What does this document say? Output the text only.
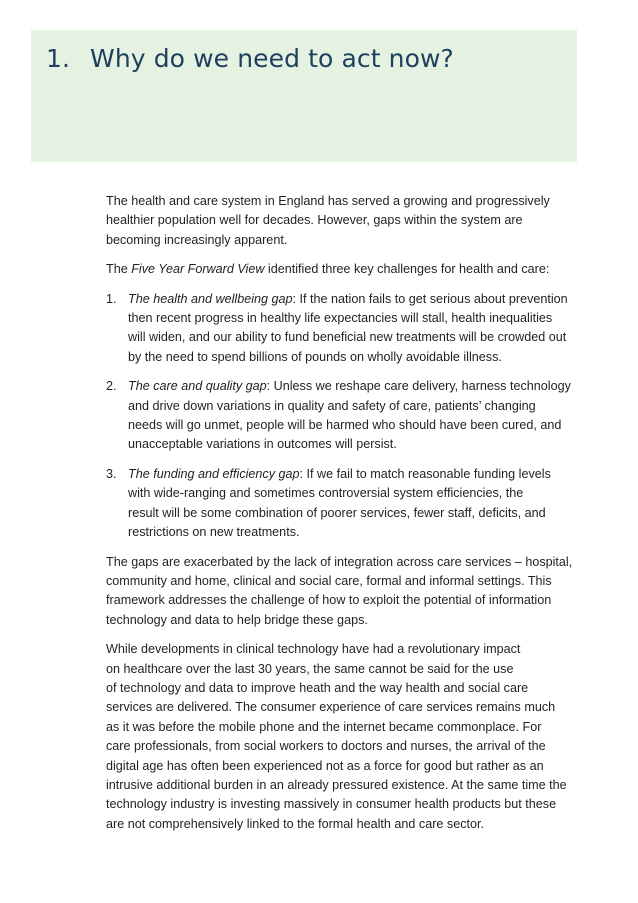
1. Why do we need to act now?

The health and care system in England has served a growing and progressively
healthier population well for decades. However, gaps within the system are
becoming increasingly apparent.

The Five Year Forward View identified three key challenges for health and care:

1. The health and wellbeing gap: If the nation fails to get serious about prevention
then recent progress in healthy life expectancies will stall, health inequalities
will widen, and our ability to fund beneficial new treatments will be crowded out
by the need to spend billions of pounds on wholly avoidable illness.
2. The care and quality gap: Unless we reshape care delivery, harness technology
and drive down variations in quality and safety of care, patients’ changing
needs will go unmet, people will be harmed who should have been cured, and
unacceptable variations in outcomes will persist.
3. The funding and efficiency gap: If we fail to match reasonable funding levels
with wide-ranging and sometimes controversial system efficiencies, the
result will be some combination of poorer services, fewer staff, deficits, and
restrictions on new treatments.

The gaps are exacerbated by the lack of integration across care services – hospital,
community and home, clinical and social care, formal and informal settings. This
framework addresses the challenge of how to exploit the potential of information
technology and data to help bridge these gaps.

While developments in clinical technology have had a revolutionary impact
on healthcare over the last 30 years, the same cannot be said for the use
of technology and data to improve heath and the way health and social care
services are delivered. The consumer experience of care services remains much
as it was before the mobile phone and the internet became commonplace. For
care professionals, from social workers to doctors and nurses, the arrival of the
digital age has often been experienced not as a force for good but rather as an
intrusive additional burden in an already pressured existence. At the same time the
technology industry is investing massively in consumer health products but these
are not comprehensively linked to the formal health and care sector.
